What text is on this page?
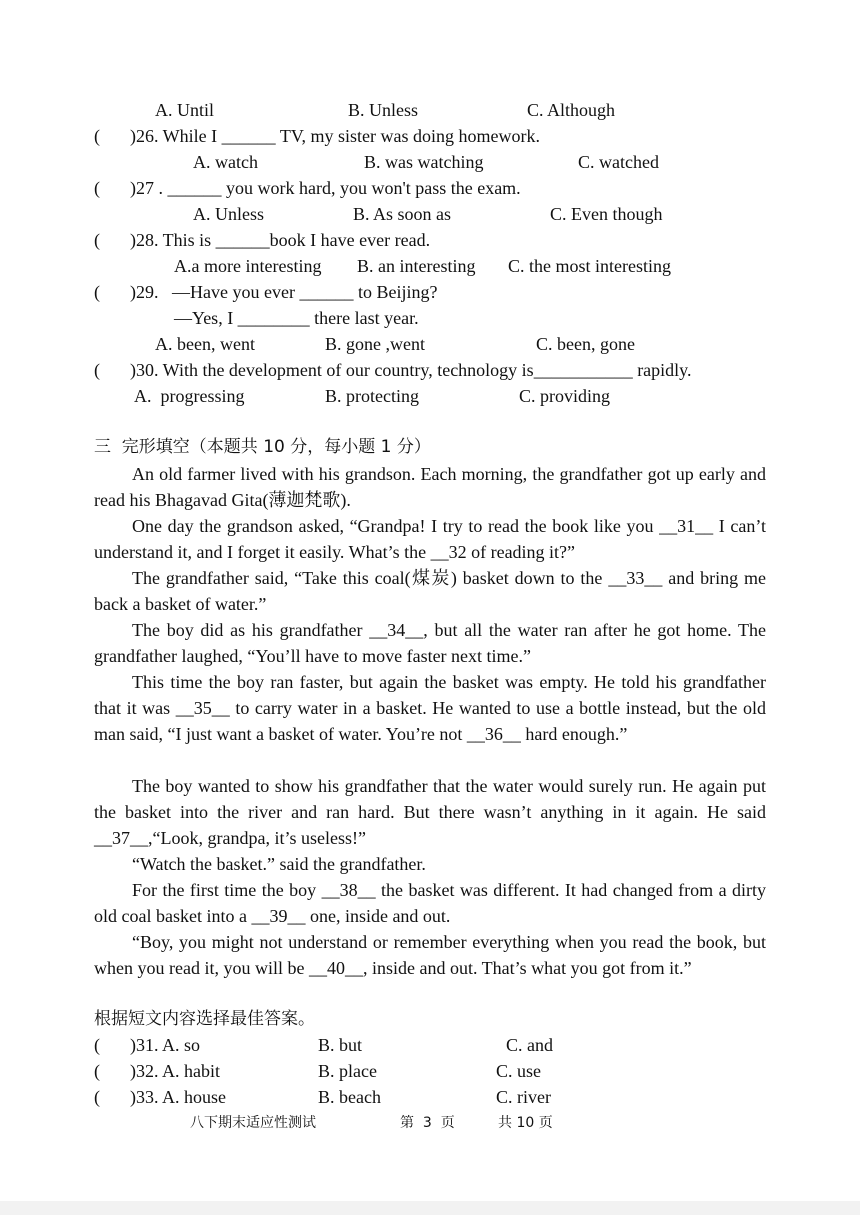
A. Until	B. Unless	C. Although
( )26. While I ______ TV, my sister was doing homework.
A. watch	B. was watching	C. watched
( )27 . ______ you work hard, you won't pass the exam.
A. Unless	B. As soon as	C. Even though
( )28. This is ______book I have ever read.
A.a more interesting B. an interesting C. the most interesting
( )29.   —Have you ever ______ to Beijing?
—Yes, I ________ there last year.
A. been, went	B. gone ,went	C. been, gone
( )30. With the development of our country, technology is___________ rapidly.
A.  progressing	B. protecting	C. providing
三  完形填空（本题共 10 分，每小题 1 分）
An old farmer lived with his grandson. Each morning, the grandfather got up early and read his Bhagavad Gita(薄迦梵歌).
One day the grandson asked, “Grandpa! I try to read the book like you __31__ I can’t understand it, and I forget it easily. What’s the __32 of reading it?”
The grandfather said, “Take this coal(煤炭) basket down to the __33__ and bring me back a basket of water.”
The boy did as his grandfather __34__, but all the water ran after he got home. The grandfather laughed, “You’ll have to move faster next time.”
This time the boy ran faster, but again the basket was empty. He told his grandfather that it was __35__ to carry water in a basket. He wanted to use a bottle instead, but the old man said, “I just want a basket of water. You’re not __36__ hard enough.”
The boy wanted to show his grandfather that the water would surely run. He again put the basket into the river and ran hard. But there wasn’t anything in it again. He said __37__,“Look, grandpa, it’s useless!”
“Watch the basket.” said the grandfather.
For the first time the boy __38__ the basket was different. It had changed from a dirty old coal basket into a __39__ one, inside and out.
“Boy, you might not understand or remember everything when you read the book, but when you read it, you will be __40__, inside and out. That’s what you got from it.”
根据短文内容选择最佳答案。
( )31. A. so	B. but	C. and
( )32. A. habit	B. place	C. use
( )33. A. house	B. beach	C. river
八下期末适应性测试	第  3  页	共 10 页
